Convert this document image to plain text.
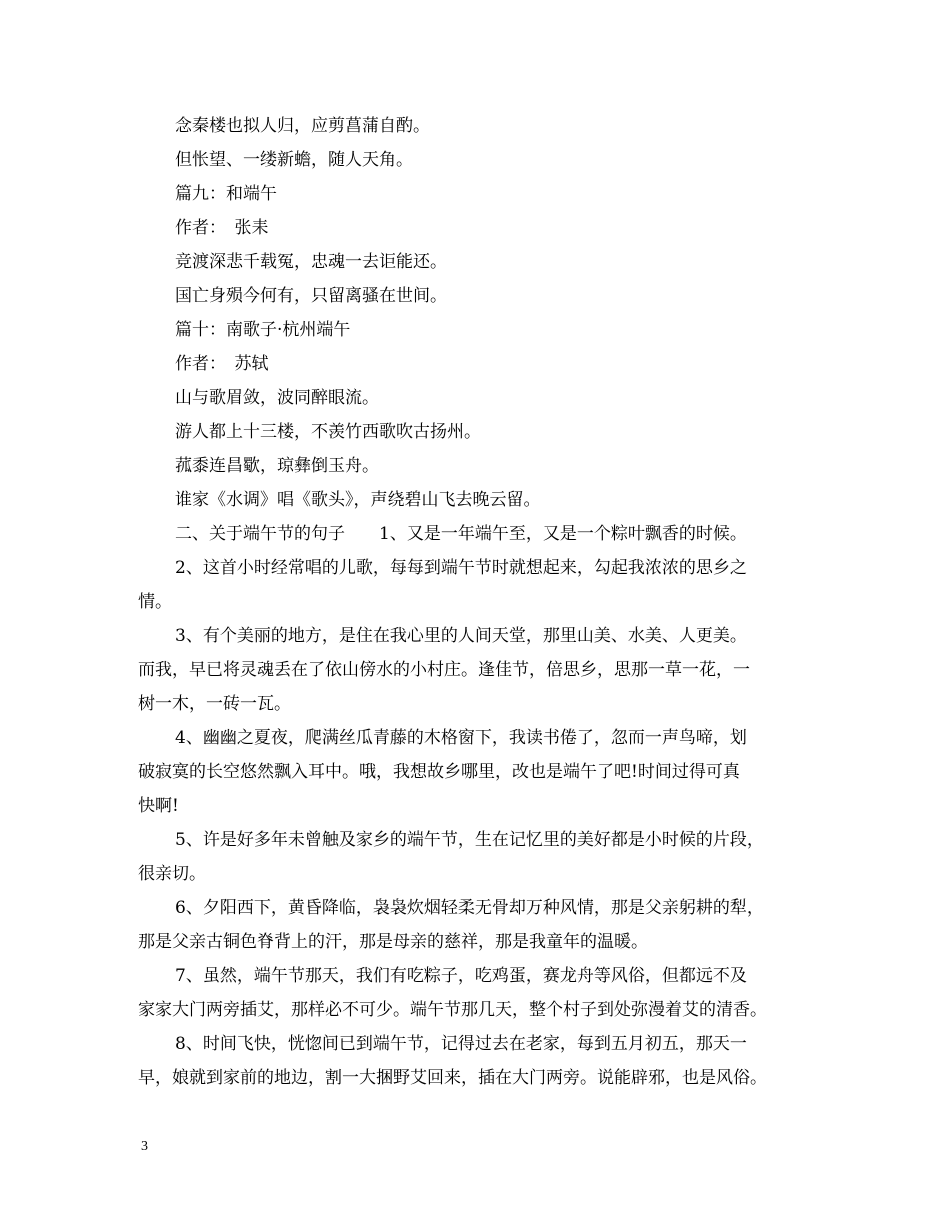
念秦楼也拟人归，应剪菖蒲自酌。
但怅望、一缕新蟾，随人天角。
篇九：和端午
作者：　张耒
竞渡深悲千载冤，忠魂一去讵能还。
国亡身殒今何有，只留离骚在世间。
篇十：南歌子·杭州端午
作者：　苏轼
山与歌眉敛，波同醉眼流。
游人都上十三楼，不羡竹西歌吹古扬州。
菰黍连昌歜，琼彝倒玉舟。
谁家《水调》唱《歌头》，声绕碧山飞去晚云留。
二、关于端午节的句子　　1、又是一年端午至，又是一个粽叶飘香的时候。
2、这首小时经常唱的儿歌，每每到端午节时就想起来，勾起我浓浓的思乡之
情。
3、有个美丽的地方，是住在我心里的人间天堂，那里山美、水美、人更美。
而我，早已将灵魂丢在了依山傍水的小村庄。逢佳节，倍思乡，思那一草一花，一
树一木，一砖一瓦。
4、幽幽之夏夜，爬满丝瓜青藤的木格窗下，我读书倦了，忽而一声鸟啼，划
破寂寞的长空悠然飘入耳中。哦，我想故乡哪里，改也是端午了吧!时间过得可真
快啊!
5、许是好多年未曾触及家乡的端午节，生在记忆里的美好都是小时候的片段，
很亲切。
6、夕阳西下，黄昏降临，袅袅炊烟轻柔无骨却万种风情，那是父亲躬耕的犁，
那是父亲古铜色脊背上的汗，那是母亲的慈祥，那是我童年的温暖。
7、虽然，端午节那天，我们有吃粽子，吃鸡蛋，赛龙舟等风俗，但都远不及
家家大门两旁插艾，那样必不可少。端午节那几天，整个村子到处弥漫着艾的清香。
8、时间飞快，恍惚间已到端午节，记得过去在老家，每到五月初五，那天一
早，娘就到家前的地边，割一大捆野艾回来，插在大门两旁。说能辟邪，也是风俗。
3
